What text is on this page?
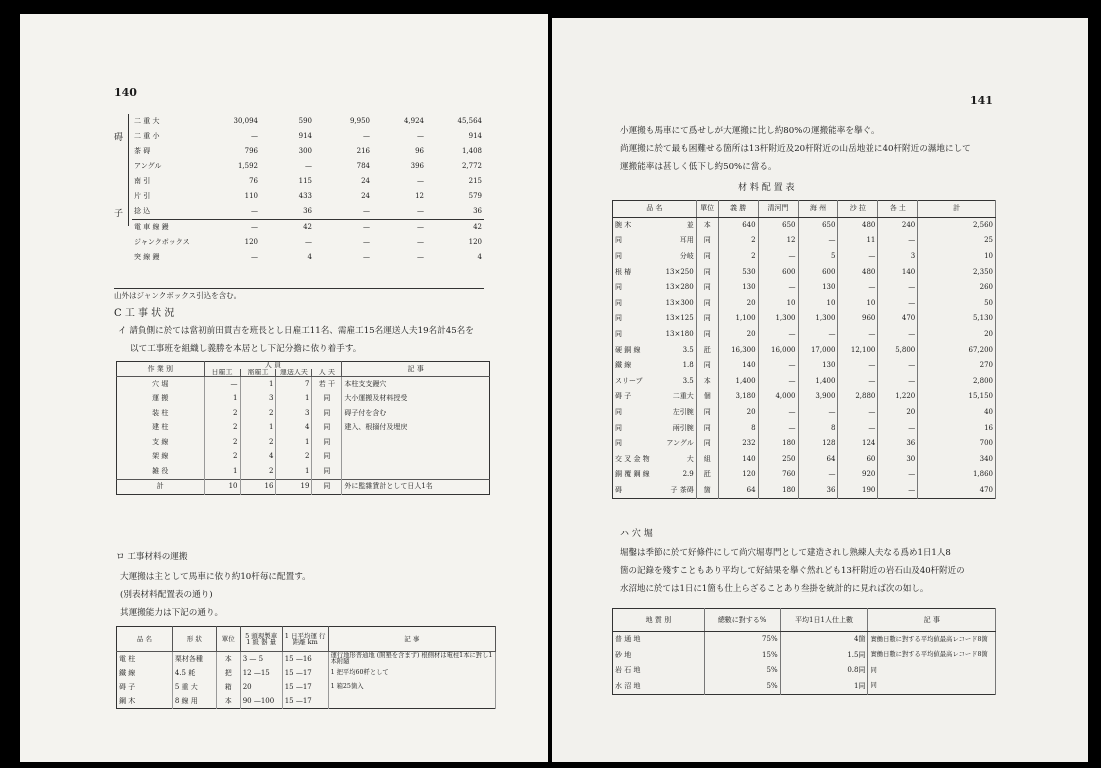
140
碍
子
二 重 大	30,094	590	9,950	4,924	45,564
二 重 小	—	914	—	—	914
茶 碍	796	300	216	96	1,408
アングル	1,592	—	784	396	2,772
南 引	76	115	24	—	215
片 引	110	433	24	12	579
捻 込	—	36	—	—	36
電 車 線 鏝	—	42	—	—	42
ジャンクボックス	120	—	—	—	120
突 線 鏝	—	4	—	—	4
山外はジャンクボックス引込を含む。
C 工 事 状 況
イ 請負側に於ては當初前田貫吉を班長とし日雇工11名、需雇工15名運送人夫19名計45名を
以て工事班を組織し義勝を本居とし下記分擔に依り着手す。
作 業 別	人 員				記 事
	日雇工	需雇工	運送人夫	人 夫	
穴 堀	—	1	7	若 干	本柱支支鏝穴
運 搬	1	3	1	同	大小運搬及材料授受
装 柱	2	2	3	同	碍子付を含む
建 柱	2	1	4	同	建入、根搦付及埋戻
支 線	2	2	1	同	
架 線	2	4	2	同	
雑 役	1	2	1	同	
計	10	16	19	同	外に監雜賃計として日人1名
ロ 工事材料の運搬
大運搬は主として馬車に依り約10杆毎に配置す。
(別表材料配置表の通り)
其運搬能力は下記の通り。
品 名	形 狀	單位	5 頭現製車 1 級 器 量	1 日平均運 行距離 km	記 事
電 柱	栗材各種	本	3 — 5	15 —16	運行地形普通地 (開墾を含まず) 根側材は電柱1本に對し1本附隨
鐵 線	4.5 耗	把	12 —15	15 —17	1 把平均60粁として
碍 子	5 重 大	箱	20	15 —17	1 箱25箇入
鋼 木	8 線 用	本	90 —100	15 —17	
141
小運搬も馬車にて爲せしが大運搬に比し約80%の運搬能率を擧ぐ。
尚運搬に於て最も困難せる箇所は13杆附近及20杆附近の山岳地並に40杆附近の濕地にして
運搬能率は甚しく低下し約50%に當る。
材 料 配 置 表
品 名	單位	義 勝	清河門	海 州	沙 拉	各 土	計
腕 木 並	本	640	650	650	480	240	2,560
同 耳用	同	2	12	—	11	—	25
同 分岐	同	2	—	5	—	3	10
根 椿 13×250	同	530	600	600	480	140	2,350
同 13×280	同	130	—	130	—	—	260
同 13×300	同	20	10	10	10	—	50
同 13×125	同	1,100	1,300	1,300	960	470	5,130
同 13×180	同	20	—	—	—	—	20
硬 銅 線 3.5	瓩	16,300	16,000	17,000	12,100	5,800	67,200
鐵 線 1.8	同	140	—	130	—	—	270
スリーブ 3.5	本	1,400	—	1,400	—	—	2,800
碍 子 二重大	個	3,180	4,000	3,900	2,880	1,220	15,150
同 左引腕	同	20	—	—	—	20	40
同 兩引腕	同	8	—	8	—	—	16
同 アングル	同	232	180	128	124	36	700
交 叉 金 物 大	組	140	250	64	60	30	340
銅 覆 鋼 線 2.9	瓩	120	760	—	920	—	1,860
碍 子 茶碍	箇	64	180	36	190	—	470
ハ 穴 堀
堀鑿は季節に於て好條件にして尚穴堀専門として建造されし熟練人夫なる爲め1日1人8
箇の記錄を殘すこともあり平均して好結果を擧ぐ然れども13杆附近の岩石山及40杆附近の
水沼地に於ては1日に1箇も仕上らざることあり叁掛を統計的に見れば次の如し。
地 質 別	總數に對する%	平均1日1人仕上數	記 事
普 通 地	75%	4箇	實働日數に對する平均値最高レコード8箇
砂 地	15%	1.5同	實働日數に對する平均値最高レコード8箇
岩 石 地	5%	0.8同	同
水 沼 地	5%	1同	同
